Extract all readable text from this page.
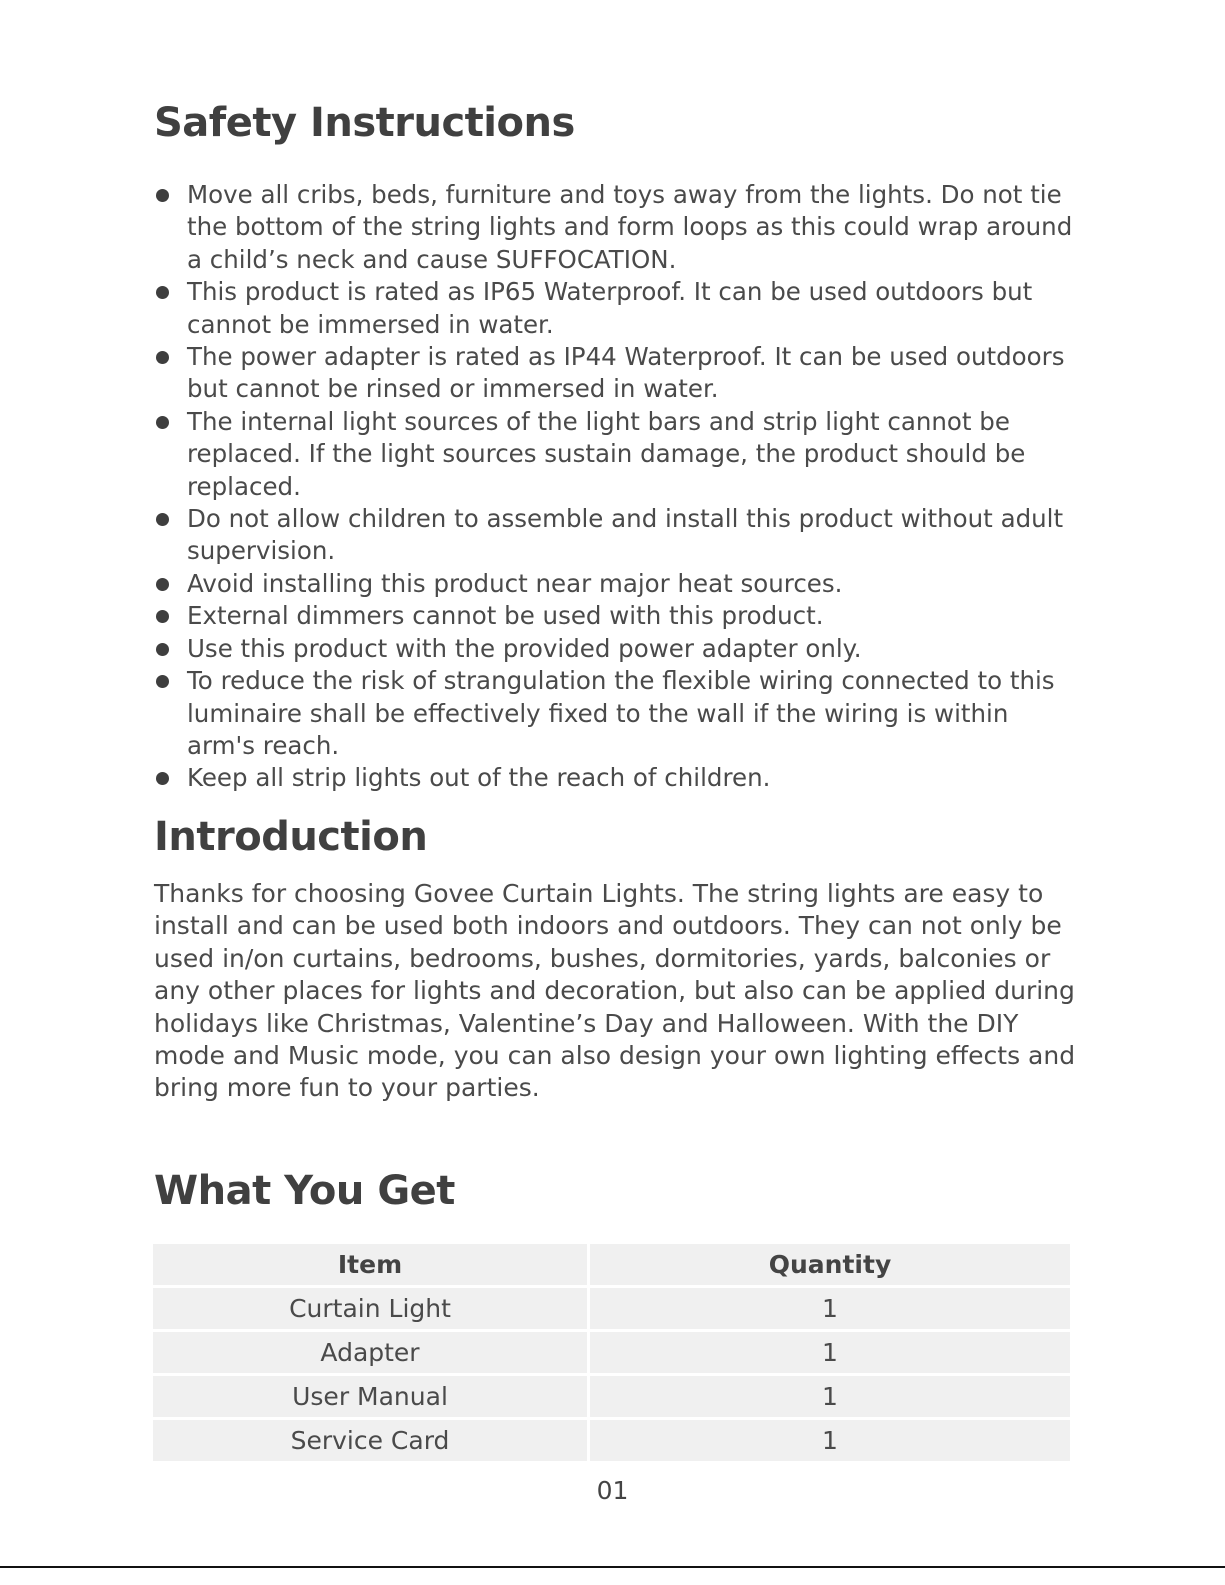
Safety Instructions
Move all cribs, beds, furniture and toys away from the lights. Do not tie the bottom of the string lights and form loops as this could wrap around a child’s neck and cause SUFFOCATION.
This product is rated as IP65 Waterproof. It can be used outdoors but cannot be immersed in water.
The power adapter is rated as IP44 Waterproof. It can be used outdoors but cannot be rinsed or immersed in water.
The internal light sources of the light bars and strip light cannot be replaced. If the light sources sustain damage, the product should be replaced.
Do not allow children to assemble and install this product without adult supervision.
Avoid installing this product near major heat sources.
External dimmers cannot be used with this product.
Use this product with the provided power adapter only.
To reduce the risk of strangulation the flexible wiring connected to this luminaire shall be effectively fixed to the wall if the wiring is within arm's reach.
Keep all strip lights out of the reach of children.
Introduction

Thanks for choosing Govee Curtain Lights. The string lights are easy to install and can be used both indoors and outdoors. They can not only be used in/on curtains, bedrooms, bushes, dormitories, yards, balconies or any other places for lights and decoration, but also can be applied during holidays like Christmas, Valentine’s Day and Halloween. With the DIY mode and Music mode, you can also design your own lighting effects and bring more fun to your parties.

What You Get
Item	Quantity
Curtain Light	1
Adapter	1
User Manual	1
Service Card	1
01
